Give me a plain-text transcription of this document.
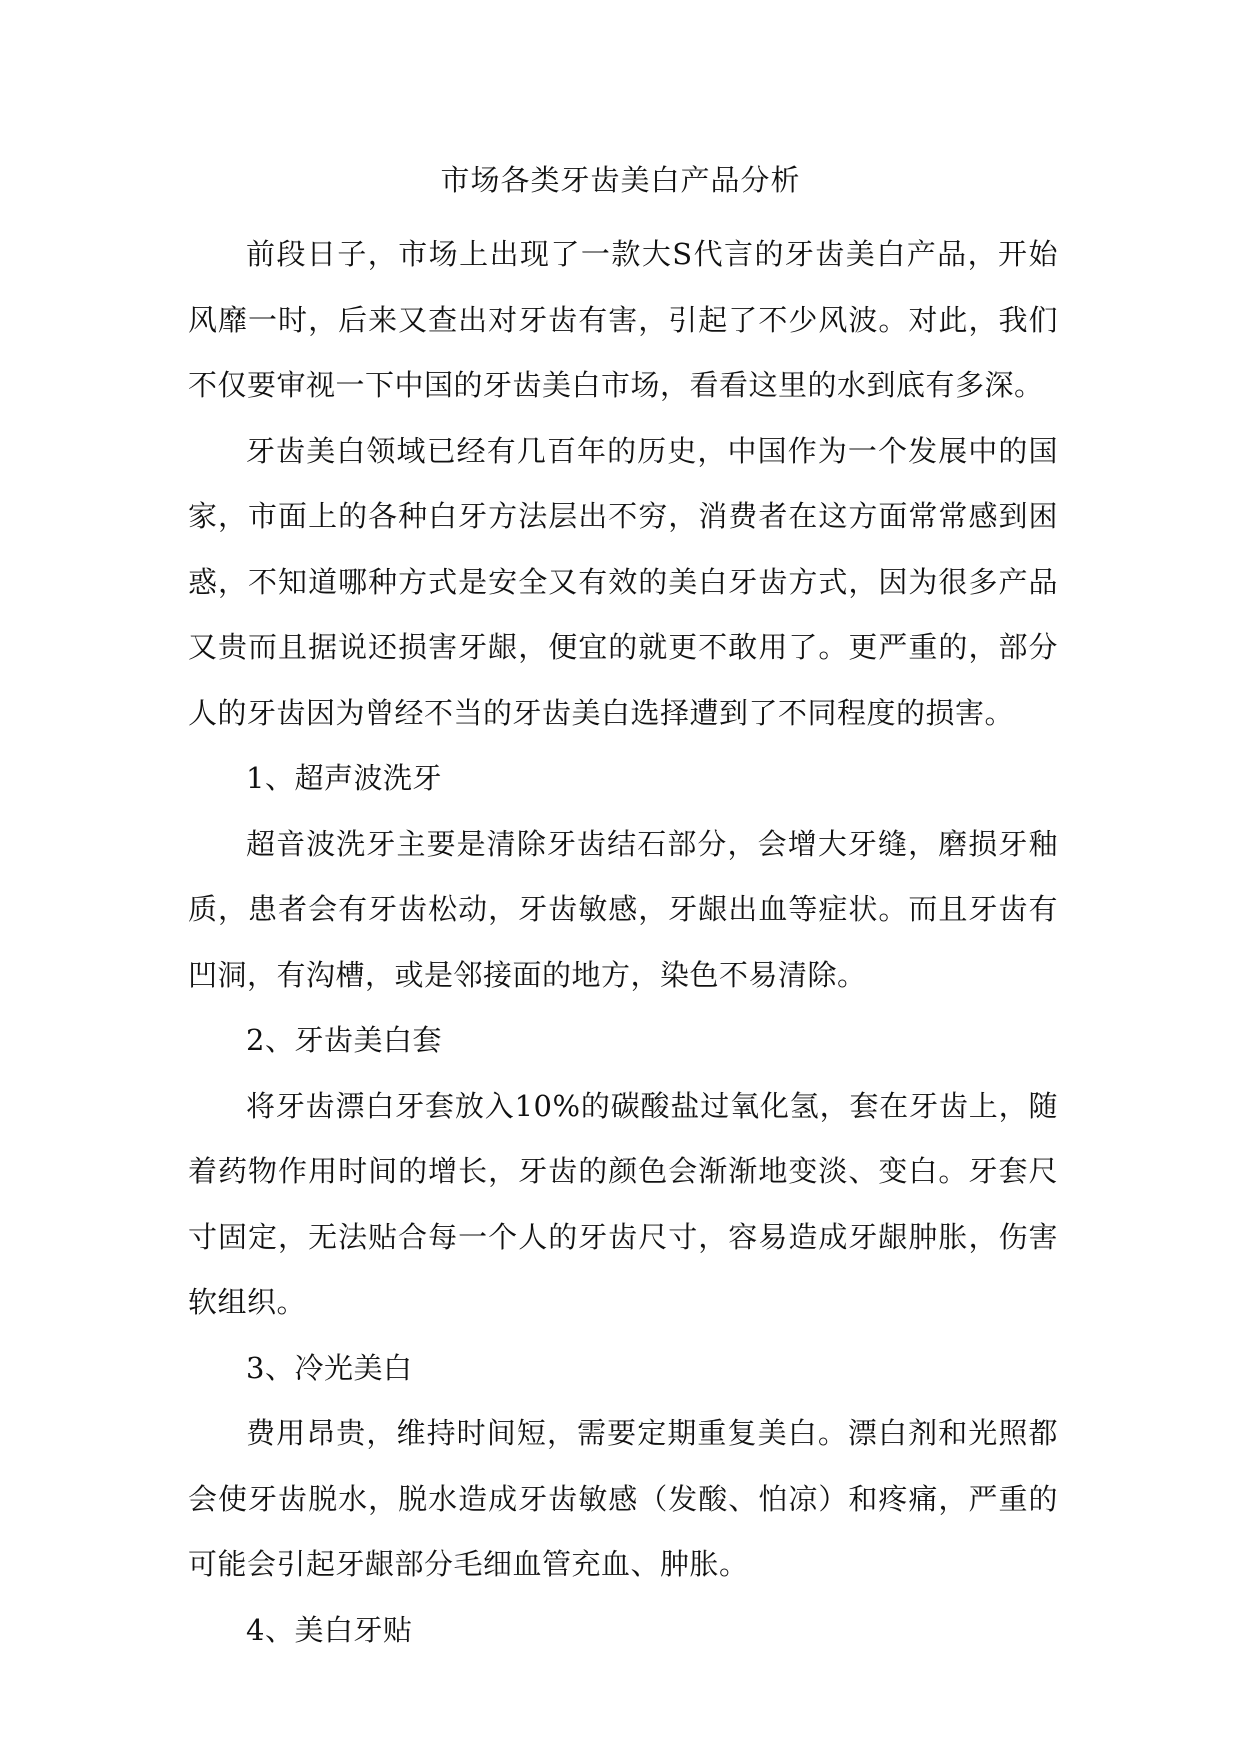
市场各类牙齿美白产品分析

前段日子，市场上出现了一款大S代言的牙齿美白产品，开始风靡一时，后来又查出对牙齿有害，引起了不少风波。对此，我们不仅要审视一下中国的牙齿美白市场，看看这里的水到底有多深。

牙齿美白领域已经有几百年的历史，中国作为一个发展中的国家，市面上的各种白牙方法层出不穷，消费者在这方面常常感到困惑，不知道哪种方式是安全又有效的美白牙齿方式，因为很多产品又贵而且据说还损害牙龈，便宜的就更不敢用了。更严重的，部分人的牙齿因为曾经不当的牙齿美白选择遭到了不同程度的损害。

1、超声波洗牙

超音波洗牙主要是清除牙齿结石部分，会增大牙缝，磨损牙釉质，患者会有牙齿松动，牙齿敏感，牙龈出血等症状。而且牙齿有凹洞，有沟槽，或是邻接面的地方，染色不易清除。

2、牙齿美白套

将牙齿漂白牙套放入10%的碳酸盐过氧化氢，套在牙齿上，随着药物作用时间的增长，牙齿的颜色会渐渐地变淡、变白。牙套尺寸固定，无法贴合每一个人的牙齿尺寸，容易造成牙龈肿胀，伤害软组织。

3、冷光美白

费用昂贵，维持时间短，需要定期重复美白。漂白剂和光照都会使牙齿脱水，脱水造成牙齿敏感（发酸、怕凉）和疼痛，严重的可能会引起牙龈部分毛细血管充血、肿胀。

4、美白牙贴
